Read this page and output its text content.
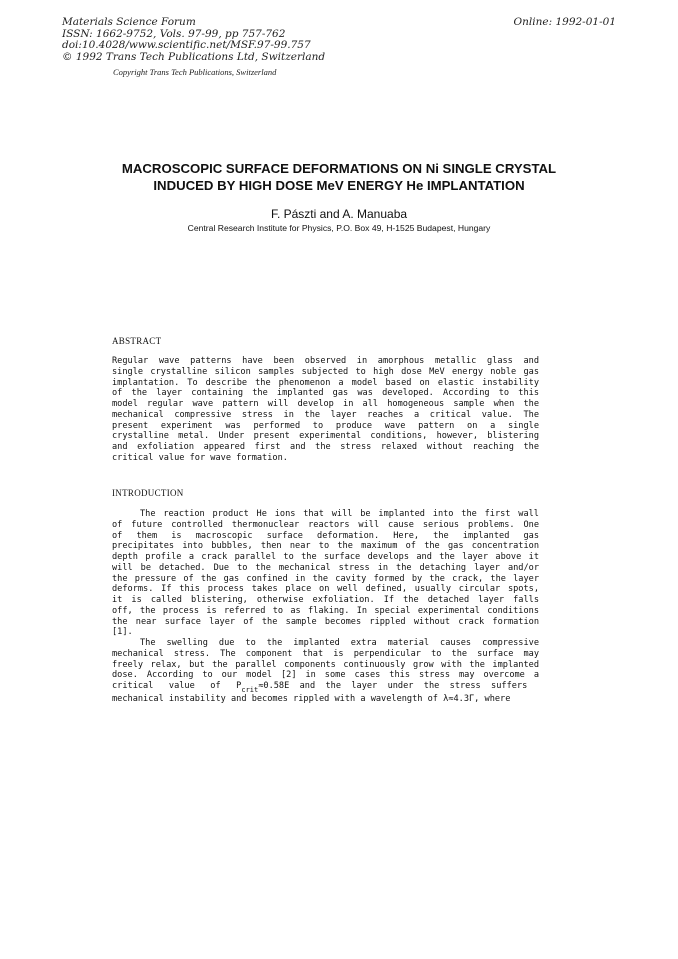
Materials Science Forum
ISSN: 1662-9752, Vols. 97-99, pp 757-762
doi:10.4028/www.scientific.net/MSF.97-99.757
© 1992 Trans Tech Publications Ltd, Switzerland
Online: 1992-01-01
Copyright Trans Tech Publications, Switzerland
MACROSCOPIC SURFACE DEFORMATIONS ON Ni SINGLE CRYSTAL
INDUCED BY HIGH DOSE MeV ENERGY He IMPLANTATION
F. Pászti and A. Manuaba
Central Research Institute for Physics, P.O. Box 49, H-1525 Budapest, Hungary
ABSTRACT
Regular wave patterns have been observed in amorphous metallic glass and
single crystalline silicon samples subjected to high dose MeV energy noble gas
implantation. To describe the phenomenon a model based on elastic instability
of the layer containing the implanted gas was developed. According to this
model regular wave pattern will develop in all homogeneous sample when the
mechanical compressive stress in the layer reaches a critical value. The
present experiment was performed to produce wave pattern on a single
crystalline metal. Under present experimental conditions, however, blistering
and exfoliation appeared first and the stress relaxed without reaching the
critical value for wave formation.
INTRODUCTION
The reaction product He ions that will be implanted into the first wall
of future controlled thermonuclear reactors will cause serious problems. One
of them is macroscopic surface deformation. Here, the implanted gas
precipitates into bubbles, then near to the maximum of the gas concentration
depth profile a crack parallel to the surface develops and the layer above it
will be detached. Due to the mechanical stress in the detaching layer and/or
the pressure of the gas confined in the cavity formed by the crack, the layer
deforms. If this process takes place on well defined, usually circular spots,
it is called blistering, otherwise exfoliation. If the detached layer falls
off, the process is referred to as flaking. In special experimental conditions
the near surface layer of the sample becomes rippled without crack formation
[1].
The swelling due to the implanted extra material causes compressive
mechanical stress. The component that is perpendicular to the surface may
freely relax, but the parallel components continuously grow with the implanted
dose. According to our model [2] in some cases this stress may overcome a
critical   value   of   $P_{crit}\approx 0.58E$  and  the  layer  under  the  stress  suffers
mechanical instability and becomes rippled with a wavelength of λ≈4.3Γ, where
